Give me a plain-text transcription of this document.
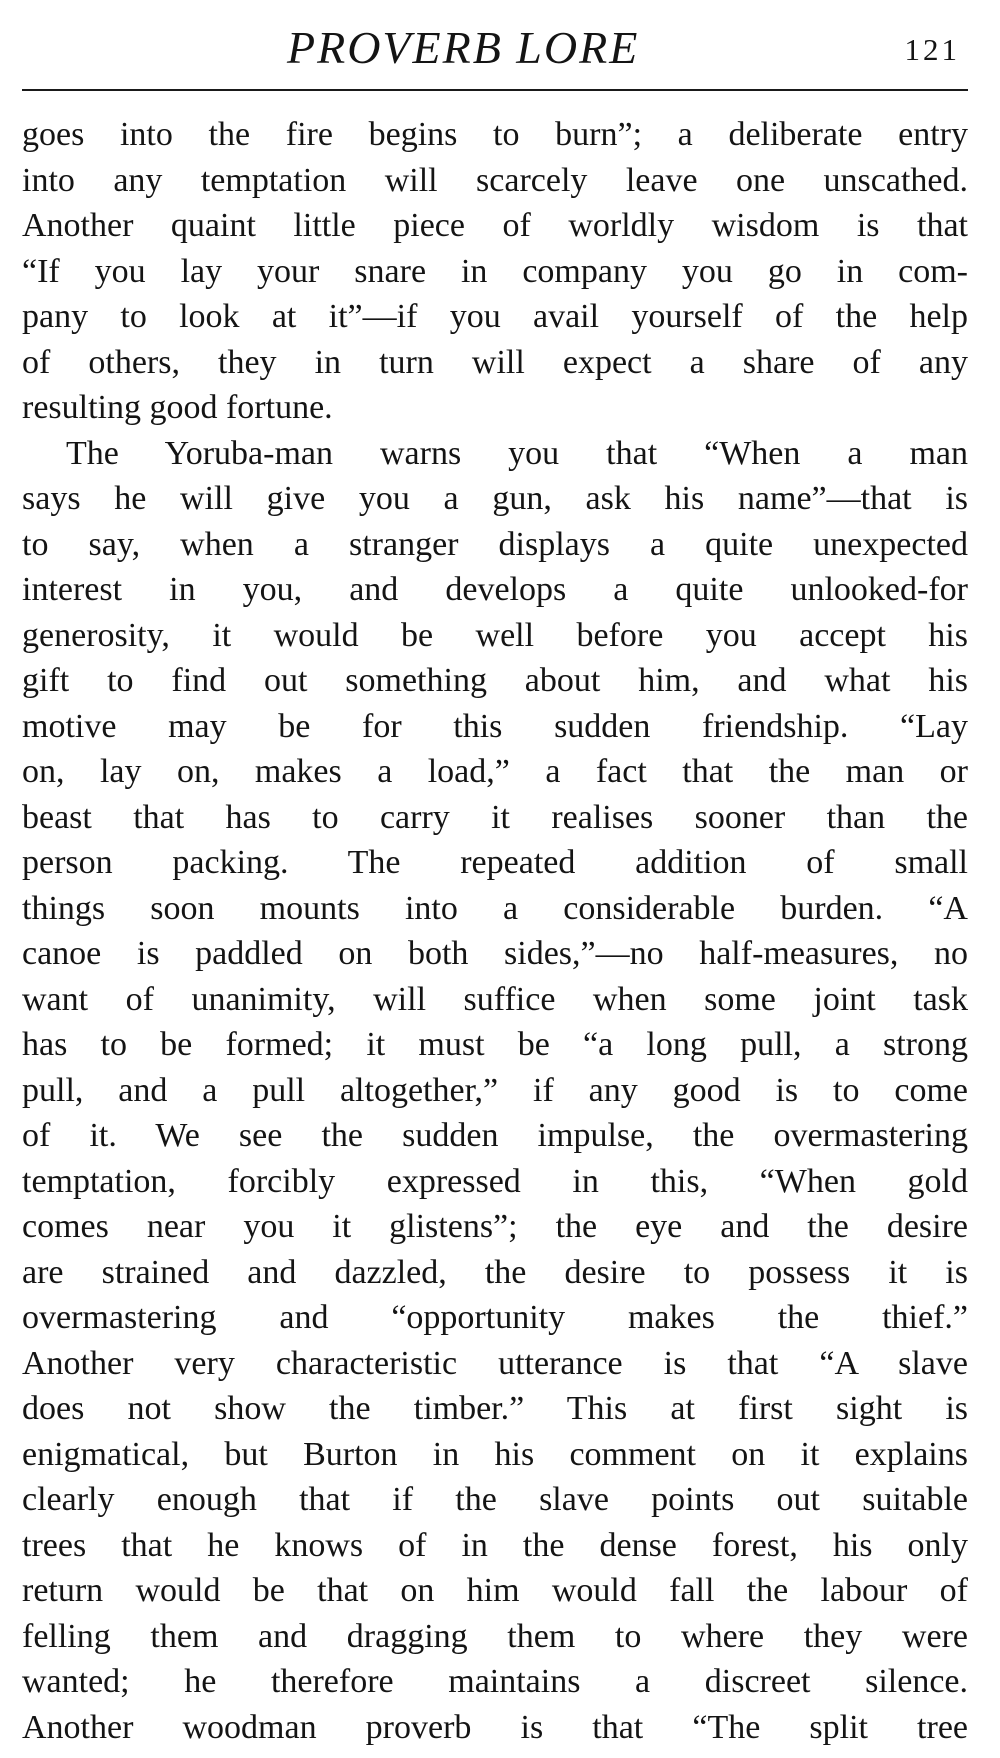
PROVERB LORE	121
goes into the fire begins to burn”; a deliberate entry
into any temptation will scarcely leave one unscathed.
Another quaint little piece of worldly wisdom is that
“If you lay your snare in company you go in com-
pany to look at it”—if you avail yourself of the help
of others, they in turn will expect a share of any
resulting good fortune.
The Yoruba-man warns you that “When a man
says he will give you a gun, ask his name”—that is
to say, when a stranger displays a quite unexpected
interest in you, and develops a quite unlooked-for
generosity, it would be well before you accept his
gift to find out something about him, and what his
motive may be for this sudden friendship. “Lay
on, lay on, makes a load,” a fact that the man or
beast that has to carry it realises sooner than the
person packing. The repeated addition of small
things soon mounts into a considerable burden. “A
canoe is paddled on both sides,”—no half-measures, no
want of unanimity, will suffice when some joint task
has to be formed; it must be “a long pull, a strong
pull, and a pull altogether,” if any good is to come
of it. We see the sudden impulse, the overmastering
temptation, forcibly expressed in this, “When gold
comes near you it glistens”; the eye and the desire
are strained and dazzled, the desire to possess it is
overmastering and “opportunity makes the thief.”
Another very characteristic utterance is that “A slave
does not show the timber.” This at first sight is
enigmatical, but Burton in his comment on it explains
clearly enough that if the slave points out suitable
trees that he knows of in the dense forest, his only
return would be that on him would fall the labour of
felling them and dragging them to where they were
wanted; he therefore maintains a discreet silence.
Another woodman proverb is that “The split tree
